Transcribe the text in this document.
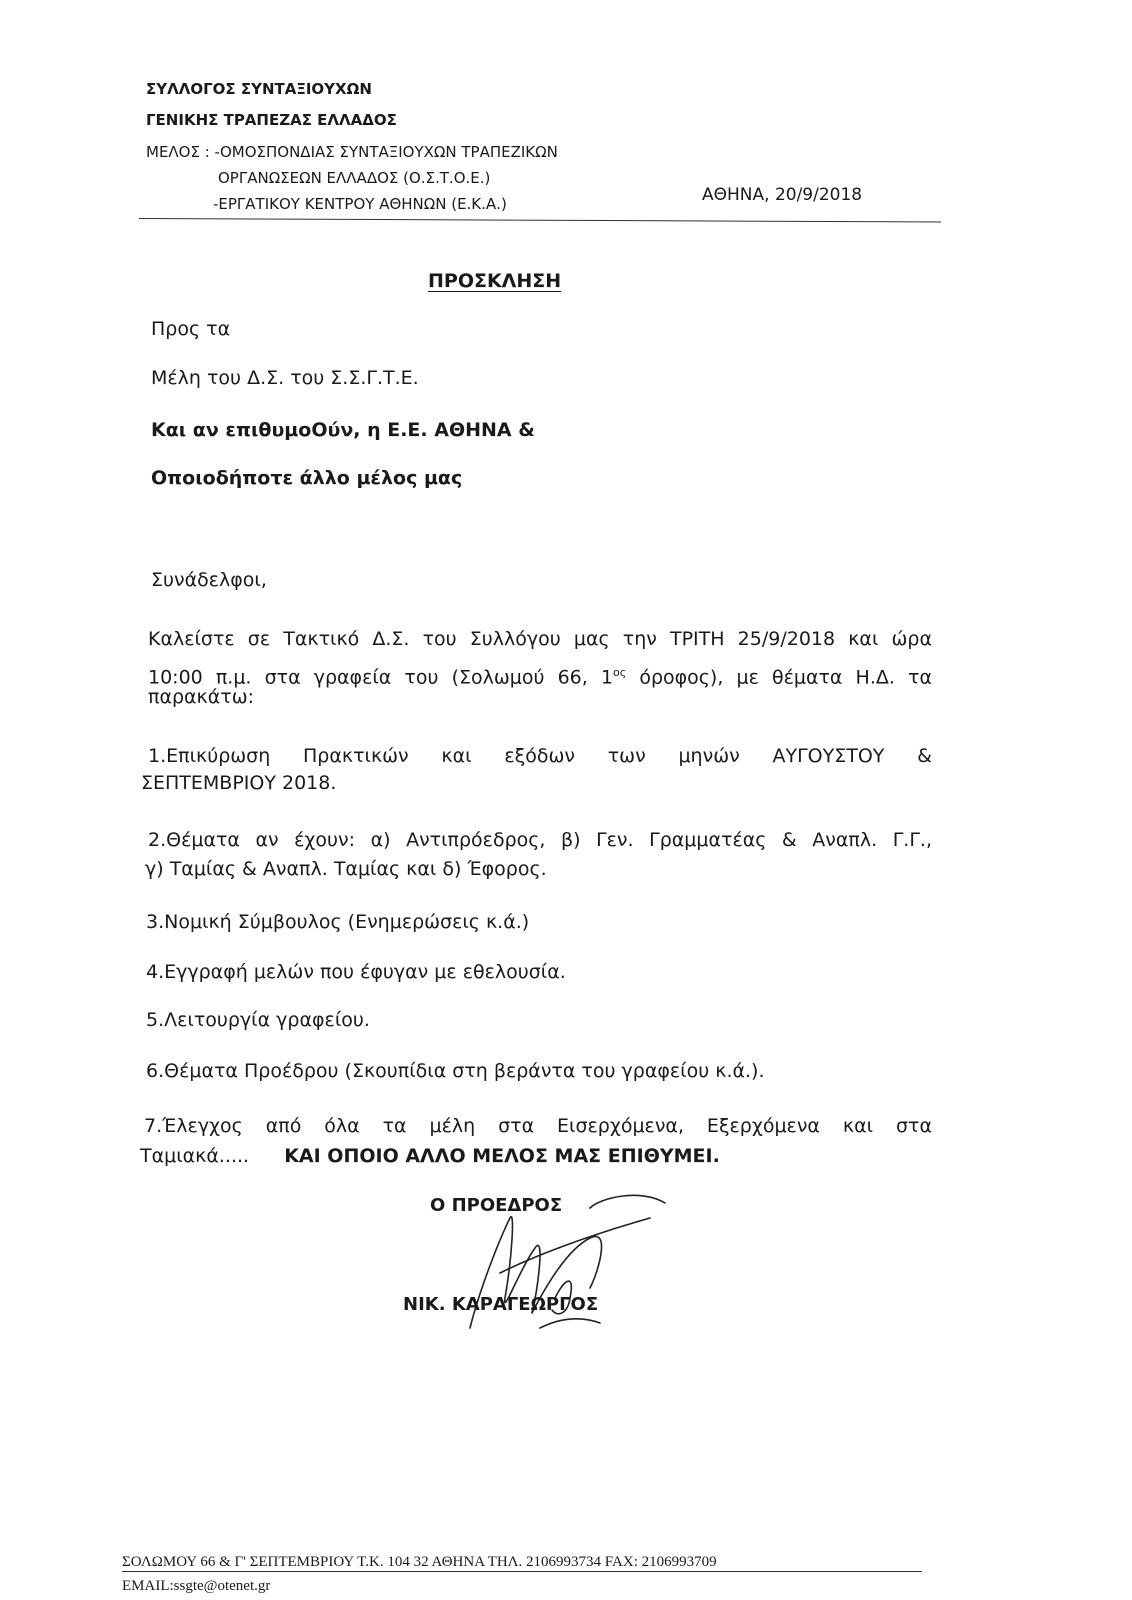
ΣΥΛΛΟΓΟΣ ΣΥΝΤΑΞΙΟΥΧΩΝ
ΓΕΝΙΚΗΣ ΤΡΑΠΕΖΑΣ ΕΛΛΑΔΟΣ
ΜΕΛΟΣ : -ΟΜΟΣΠΟΝΔΙΑΣ ΣΥΝΤΑΞΙΟΥΧΩΝ ΤΡΑΠΕΖΙΚΩΝ
ΟΡΓΑΝΩΣΕΩΝ ΕΛΛΑΔΟΣ (Ο.Σ.Τ.Ο.Ε.)
-ΕΡΓΑΤΙΚΟΥ ΚΕΝΤΡΟΥ ΑΘΗΝΩΝ (Ε.Κ.Α.)	ΑΘΗΝΑ, 20/9/2018
ΠΡΟΣΚΛΗΣΗ
Προς τα
Μέλη του Δ.Σ. του Σ.Σ.Γ.Τ.Ε.
Και αν επιθυμοΟύν, η Ε.Ε. ΑΘΗΝΑ &
Οποιοδήποτε άλλο μέλος μας
Συνάδελφοι,
Καλείστε σε Τακτικό Δ.Σ. του Συλλόγου μας την ΤΡΙΤΗ 25/9/2018 και ώρα
10:00 π.μ. στα γραφεία του (Σολωμού 66, $1^{o\varsigma}$ όροφος), με θέματα Η.Δ. τα
παρακάτω:
1.Επικύρωση Πρακτικών και εξόδων των μηνών ΑΥΓΟΥΣΤΟΥ &
ΣΕΠΤΕΜΒΡΙΟΥ 2018.
2.Θέματα αν έχουν: α) Αντιπρόεδρος, β) Γεν. Γραμματέας & Αναπλ. Γ.Γ.,
γ) Ταμίας & Αναπλ. Ταμίας και δ) Έφορος.
3.Νομική Σύμβουλος (Ενημερώσεις κ.ά.)
4.Εγγραφή μελών που έφυγαν με εθελουσία.
5.Λειτουργία γραφείου.
6.Θέματα Προέδρου (Σκουπίδια στη βεράντα του γραφείου κ.ά.).
7.Έλεγχος από όλα τα μέλη στα Εισερχόμενα, Εξερχόμενα και στα
Ταμιακά..... ΚΑΙ ΟΠΟΙΟ ΑΛΛΟ ΜΕΛΟΣ ΜΑΣ ΕΠΙΘΥΜΕΙ.
Ο ΠΡΟΕΔΡΟΣ
ΝΙΚ. ΚΑΡΑΓΕΩΡΓΟΣ
ΣΟΛΩΜΟΥ 66 & Γ' ΣΕΠΤΕΜΒΡΙΟΥ Τ.Κ. 104 32 ΑΘΗΝΑ ΤΗΛ. 2106993734 FAX: 2106993709
EMAIL:ssgte@otenet.gr
